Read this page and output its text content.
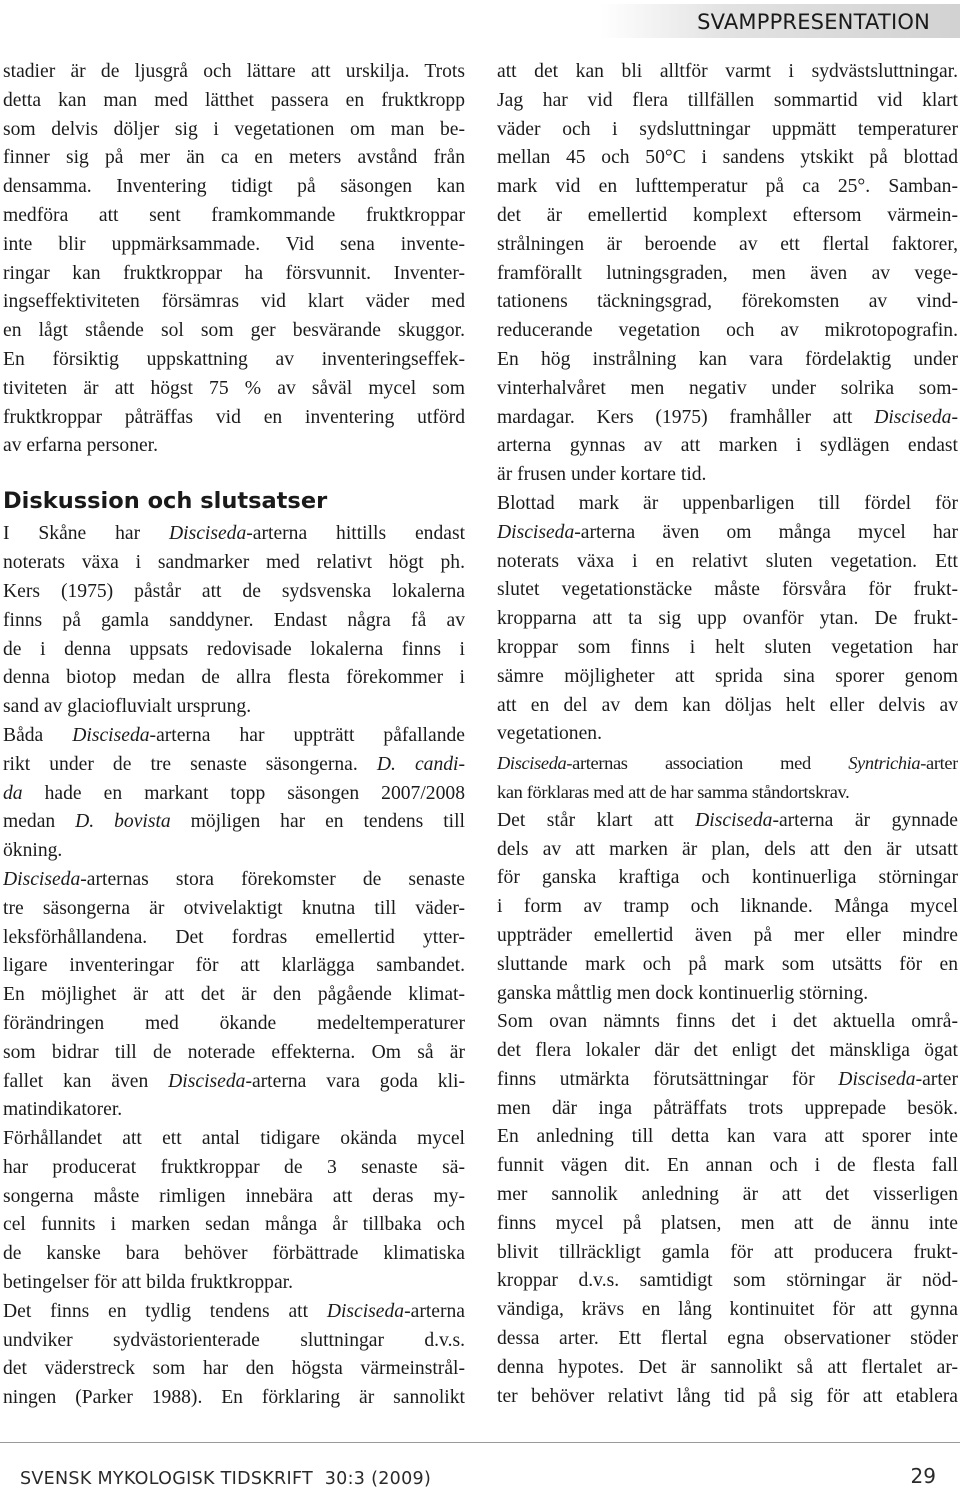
SVAMPPRESENTATION
stadier är de ljusgrå och lättare att urskilja. Trots
detta kan man med lätthet passera en fruktkropp
som delvis döljer sig i vegetationen om man be-
finner sig på mer än ca en meters avstånd från
densamma. Inventering tidigt på säsongen kan
medföra att sent framkommande fruktkroppar
inte blir uppmärksammade. Vid sena invente-
ringar kan fruktkroppar ha försvunnit. Inventer-
ingseffektiviteten försämras vid klart väder med
en lågt stående sol som ger besvärande skuggor.
En försiktig uppskattning av inventeringseffek-
tiviteten är att högst 75 % av såväl mycel som
fruktkroppar påträffas vid en inventering utförd
av erfarna personer.
Diskussion och slutsatser
I Skåne har Disciseda-arterna hittills endast
noterats växa i sandmarker med relativt högt ph.
Kers (1975) påstår att de sydsvenska lokalerna
finns på gamla sanddyner. Endast några få av
de i denna uppsats redovisade lokalerna finns i
denna biotop medan de allra flesta förekommer i
sand av glaciofluvialt ursprung.
Båda Disciseda-arterna har uppträtt påfallande
rikt under de tre senaste säsongerna. D. candi-
da hade en markant topp säsongen 2007/2008
medan D. bovista möjligen har en tendens till
ökning.
Disciseda-arternas stora förekomster de senaste
tre säsongerna är otvivelaktigt knutna till väder-
leksförhållandena. Det fordras emellertid ytter-
ligare inventeringar för att klarlägga sambandet.
En möjlighet är att det är den pågående klimat-
förändringen med ökande medeltemperaturer
som bidrar till de noterade effekterna. Om så är
fallet kan även Disciseda-arterna vara goda kli-
matindikatorer.
Förhållandet att ett antal tidigare okända mycel
har producerat fruktkroppar de 3 senaste sä-
songerna måste rimligen innebära att deras my-
cel funnits i marken sedan många år tillbaka och
de kanske bara behöver förbättrade klimatiska
betingelser för att bilda fruktkroppar.
Det finns en tydlig tendens att Disciseda-arterna
undviker sydvästorienterade sluttningar d.v.s.
det väderstreck som har den högsta värmeinstrål-
ningen (Parker 1988). En förklaring är sannolikt
att det kan bli alltför varmt i sydvästsluttningar.
Jag har vid flera tillfällen sommartid vid klart
väder och i sydsluttningar uppmätt temperaturer
mellan 45 och 50°C i sandens ytskikt på blottad
mark vid en lufttemperatur på ca 25°. Samban-
det är emellertid komplext eftersom värmein-
strålningen är beroende av ett flertal faktorer,
framförallt lutningsgraden, men även av vege-
tationens täckningsgrad, förekomsten av vind-
reducerande vegetation och av mikrotopografin.
En hög instrålning kan vara fördelaktig under
vinterhalvåret men negativ under solrika som-
mardagar. Kers (1975) framhåller att Disciseda-
arterna gynnas av att marken i sydlägen endast
är frusen under kortare tid.
Blottad mark är uppenbarligen till fördel för
Disciseda-arterna även om många mycel har
noterats växa i en relativt sluten vegetation. Ett
slutet vegetationstäcke måste försvåra för frukt-
kropparna att ta sig upp ovanför ytan. De frukt-
kroppar som finns i helt sluten vegetation har
sämre möjligheter att sprida sina sporer genom
att en del av dem kan döljas helt eller delvis av
vegetationen.
Disciseda-arternas association med Syntrichia-arter
kan förklaras med att de har samma ståndortskrav.
Det står klart att Disciseda-arterna är gynnade
dels av att marken är plan, dels att den är utsatt
för ganska kraftiga och kontinuerliga störningar
i form av tramp och liknande. Många mycel
uppträder emellertid även på mer eller mindre
sluttande mark och på mark som utsätts för en
ganska måttlig men dock kontinuerlig störning.
Som ovan nämnts finns det i det aktuella områ-
det flera lokaler där det enligt det mänskliga ögat
finns utmärkta förutsättningar för Disciseda-arter
men där inga påträffats trots upprepade besök.
En anledning till detta kan vara att sporer inte
funnit vägen dit. En annan och i de flesta fall
mer sannolik anledning är att det visserligen
finns mycel på platsen, men att de ännu inte
blivit tillräckligt gamla för att producera frukt-
kroppar d.v.s. samtidigt som störningar är nöd-
vändiga, krävs en lång kontinuitet för att gynna
dessa arter. Ett flertal egna observationer stöder
denna hypotes. Det är sannolikt så att flertalet ar-
ter behöver relativt lång tid på sig för att etablera
SVENSK MYKOLOGISK TIDSKRIFT  30:3 (2009)	29
